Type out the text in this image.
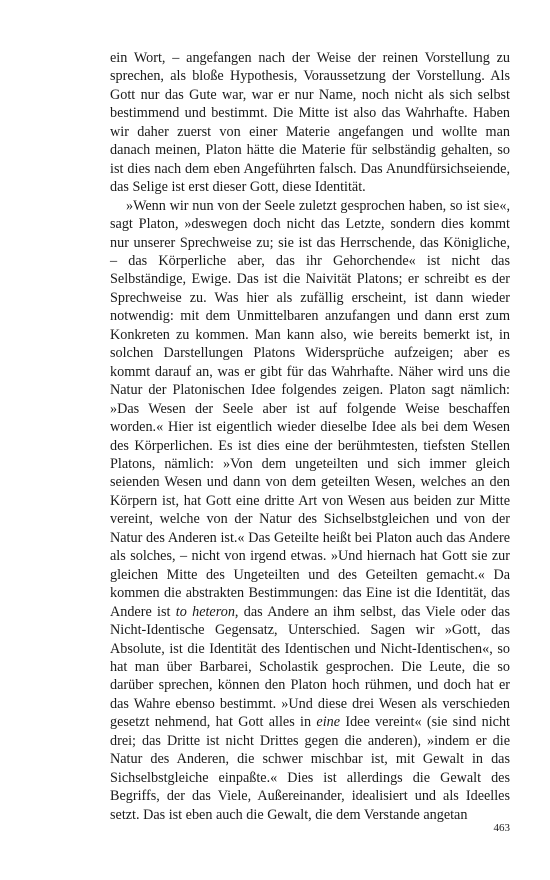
ein Wort, – angefangen nach der Weise der reinen Vorstellung zu sprechen, als bloße Hypothesis, Voraussetzung der Vorstellung. Als Gott nur das Gute war, war er nur Name, noch nicht als sich selbst bestimmend und bestimmt. Die Mitte ist also das Wahrhafte. Haben wir daher zuerst von einer Materie angefangen und wollte man danach meinen, Platon hätte die Materie für selbständig gehalten, so ist dies nach dem eben Angeführten falsch. Das Anundfürsichseiende, das Selige ist erst dieser Gott, diese Identität.

»Wenn wir nun von der Seele zuletzt gesprochen haben, so ist sie«, sagt Platon, »deswegen doch nicht das Letzte, sondern dies kommt nur unserer Sprechweise zu; sie ist das Herrschende, das Königliche, – das Körperliche aber, das ihr Gehorchende« ist nicht das Selbständige, Ewige. Das ist die Naivität Platons; er schreibt es der Sprechweise zu. Was hier als zufällig erscheint, ist dann wieder notwendig: mit dem Unmittelbaren anzufangen und dann erst zum Konkreten zu kommen. Man kann also, wie bereits bemerkt ist, in solchen Darstellungen Platons Widersprüche aufzeigen; aber es kommt darauf an, was er gibt für das Wahrhafte. Näher wird uns die Natur der Platonischen Idee folgendes zeigen. Platon sagt nämlich: »Das Wesen der Seele aber ist auf folgende Weise beschaffen worden.« Hier ist eigentlich wieder dieselbe Idee als bei dem Wesen des Körperlichen. Es ist dies eine der berühmtesten, tiefsten Stellen Platons, nämlich: »Von dem ungeteilten und sich immer gleich seienden Wesen und dann von dem geteilten Wesen, welches an den Körpern ist, hat Gott eine dritte Art von Wesen aus beiden zur Mitte vereint, welche von der Natur des Sichselbstgleichen und von der Natur des Anderen ist.« Das Geteilte heißt bei Platon auch das Andere als solches, – nicht von irgend etwas. »Und hiernach hat Gott sie zur gleichen Mitte des Ungeteilten und des Geteilten gemacht.« Da kommen die abstrakten Bestimmungen: das Eine ist die Identität, das Andere ist to heteron, das Andere an ihm selbst, das Viele oder das Nicht-Identische Gegensatz, Unterschied. Sagen wir »Gott, das Absolute, ist die Identität des Identischen und Nicht-Identischen«, so hat man über Barbarei, Scholastik gesprochen. Die Leute, die so darüber sprechen, können den Platon hoch rühmen, und doch hat er das Wahre ebenso bestimmt. »Und diese drei Wesen als verschieden gesetzt nehmend, hat Gott alles in eine Idee vereint« (sie sind nicht drei; das Dritte ist nicht Drittes gegen die anderen), »indem er die Natur des Anderen, die schwer mischbar ist, mit Gewalt in das Sichselbstgleiche einpaßte.« Dies ist allerdings die Gewalt des Begriffs, der das Viele, Außereinander, idealisiert und als Ideelles setzt. Das ist eben auch die Gewalt, die dem Verstande angetan

463
